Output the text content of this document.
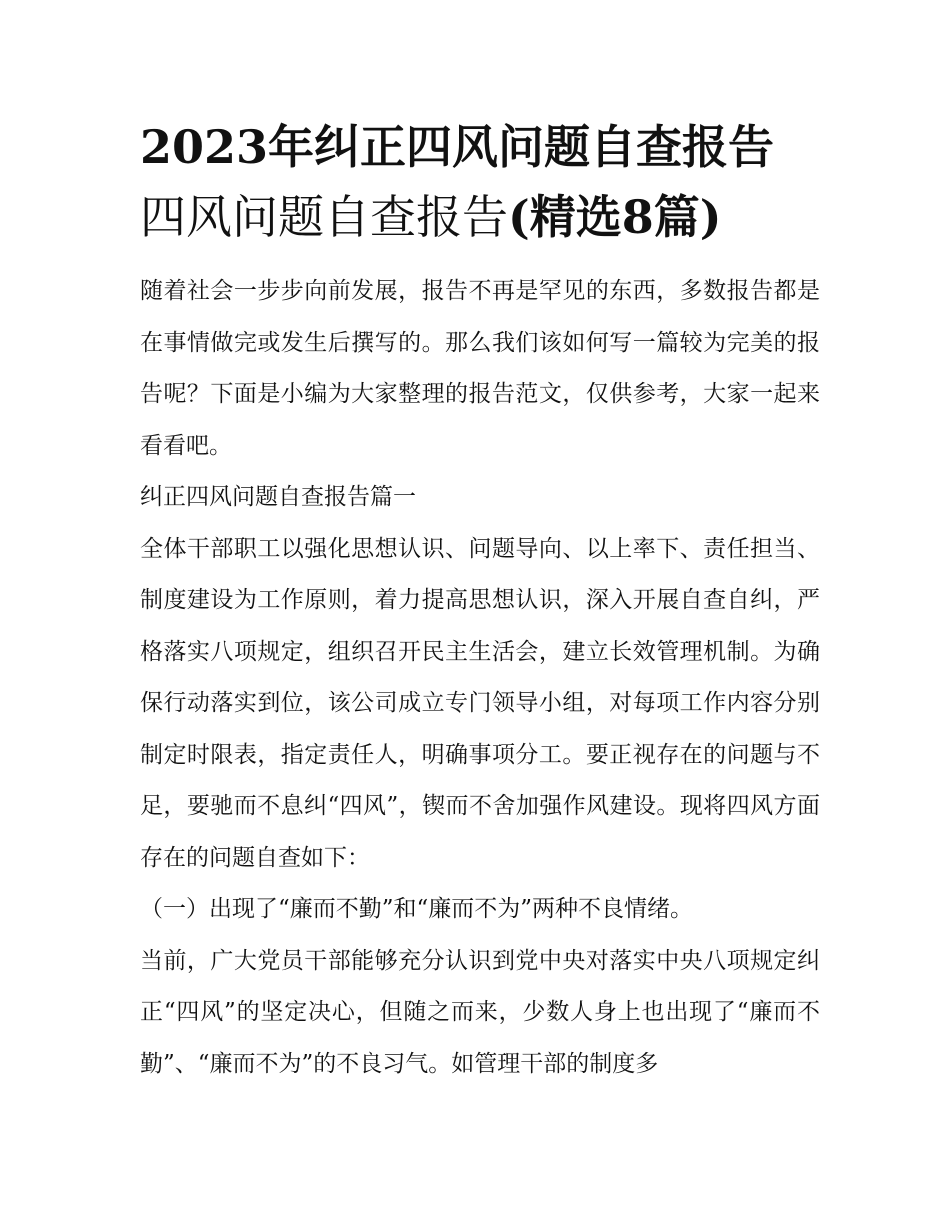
2023年纠正四风问题自查报告
四风问题自查报告(精选8篇)

随着社会一步步向前发展，报告不再是罕见的东西，多数报告都是在事情做完或发生后撰写的。那么我们该如何写一篇较为完美的报告呢？下面是小编为大家整理的报告范文，仅供参考，大家一起来看看吧。

纠正四风问题自查报告篇一

全体干部职工以强化思想认识、问题导向、以上率下、责任担当、制度建设为工作原则，着力提高思想认识，深入开展自查自纠，严格落实八项规定，组织召开民主生活会，建立长效管理机制。为确保行动落实到位，该公司成立专门领导小组，对每项工作内容分别制定时限表，指定责任人，明确事项分工。要正视存在的问题与不足，要驰而不息纠“四风”，锲而不舍加强作风建设。现将四风方面存在的问题自查如下：

（一）出现了“廉而不勤”和“廉而不为”两种不良情绪。

当前，广大党员干部能够充分认识到党中央对落实中央八项规定纠正“四风”的坚定决心，但随之而来，少数人身上也出现了“廉而不勤”、“廉而不为”的不良习气。如管理干部的制度多
